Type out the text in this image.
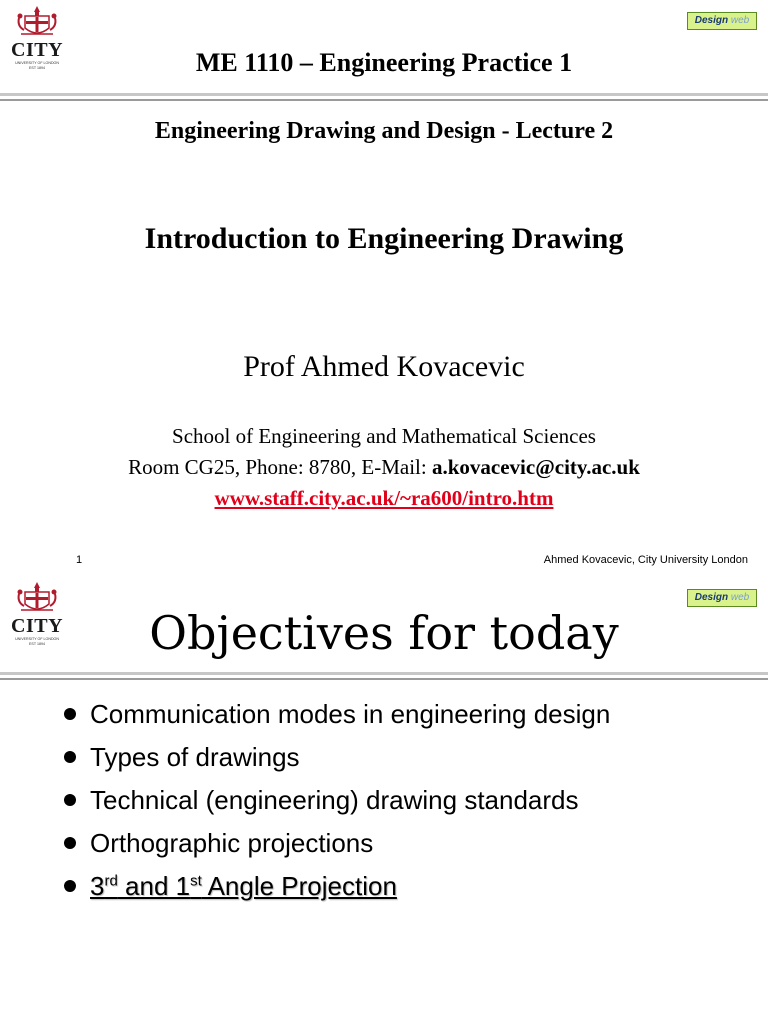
CITY
UNIVERSITY OF LONDON
EST 1894
Design web
ME 1110 – Engineering Practice 1
Engineering Drawing and Design - Lecture 2
Introduction to Engineering Drawing
Prof Ahmed Kovacevic
School of Engineering and Mathematical Sciences
Room CG25, Phone: 8780, E-Mail: a.kovacevic@city.ac.uk
www.staff.city.ac.uk/~ra600/intro.htm
1	Ahmed Kovacevic, City University London
CITY
UNIVERSITY OF LONDON
EST 1894
Design web
Objectives for today
Communication modes in engineering design
Types of drawings
Technical (engineering) drawing standards
Orthographic projections
3rd and 1st Angle Projection
